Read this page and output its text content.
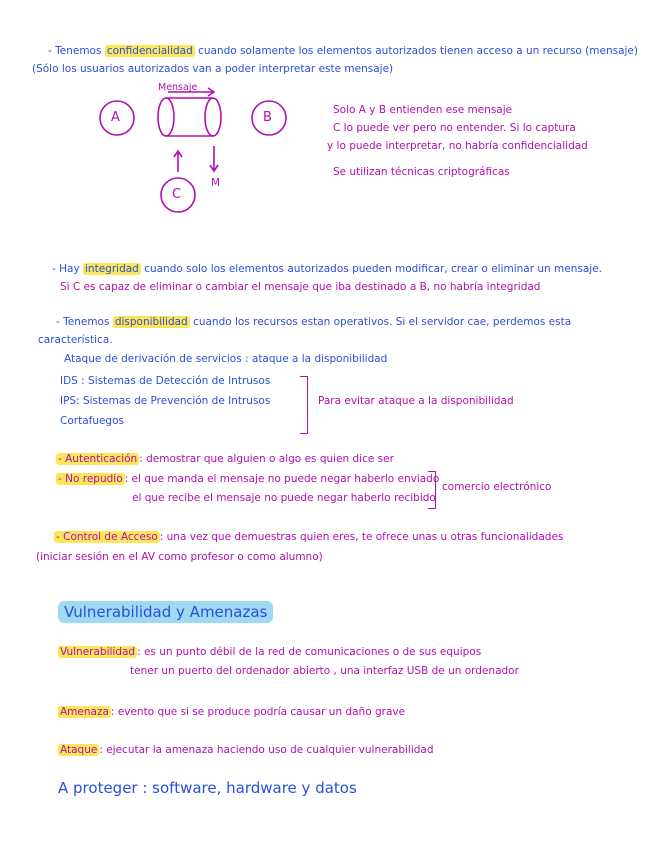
- Tenemos confidencialidad cuando solamente los elementos autorizados tienen acceso a un recurso (mensaje)
(Sólo los usuarios autorizados van a poder interpretar este mensaje)
Mensaje
A	B
C
M
Solo A y B entienden ese mensaje
C lo puede ver pero no entender. Si lo captura
y lo puede interpretar, no habría confidencialidad
Se utilizan técnicas criptográficas
- Hay integridad cuando solo los elementos autorizados pueden modificar, crear o eliminar un mensaje.
Si C es capaz de eliminar o cambiar el mensaje que iba destinado a B, no habría integridad
- Tenemos disponibilidad cuando los recursos estan operativos. Si el servidor cae, perdemos esta
característica.
Ataque de derivación de servicios : ataque a la disponibilidad
IDS : Sistemas de Detección de Intrusos
IPS: Sistemas de Prevención de Intrusos
Cortafuegos
Para evitar ataque a la disponibilidad
- Autenticación : demostrar que alguien o algo es quien dice ser
- No repudio : el que manda el mensaje no puede negar haberlo enviado
el que recibe el mensaje no puede negar haberlo recibido
comercio electrónico
- Control de Acceso : una vez que demuestras quien eres, te ofrece unas u otras funcionalidades
(iniciar sesión en el AV como profesor o como alumno)
Vulnerabilidad y Amenazas
Vulnerabilidad : es un punto débil de la red de comunicaciones o de sus equipos
tener un puerto del ordenador abierto , una interfaz USB de un ordenador
Amenaza : evento que si se produce podría causar un daño grave
Ataque : ejecutar la amenaza haciendo uso de cualquier vulnerabilidad
A proteger : software, hardware y datos
